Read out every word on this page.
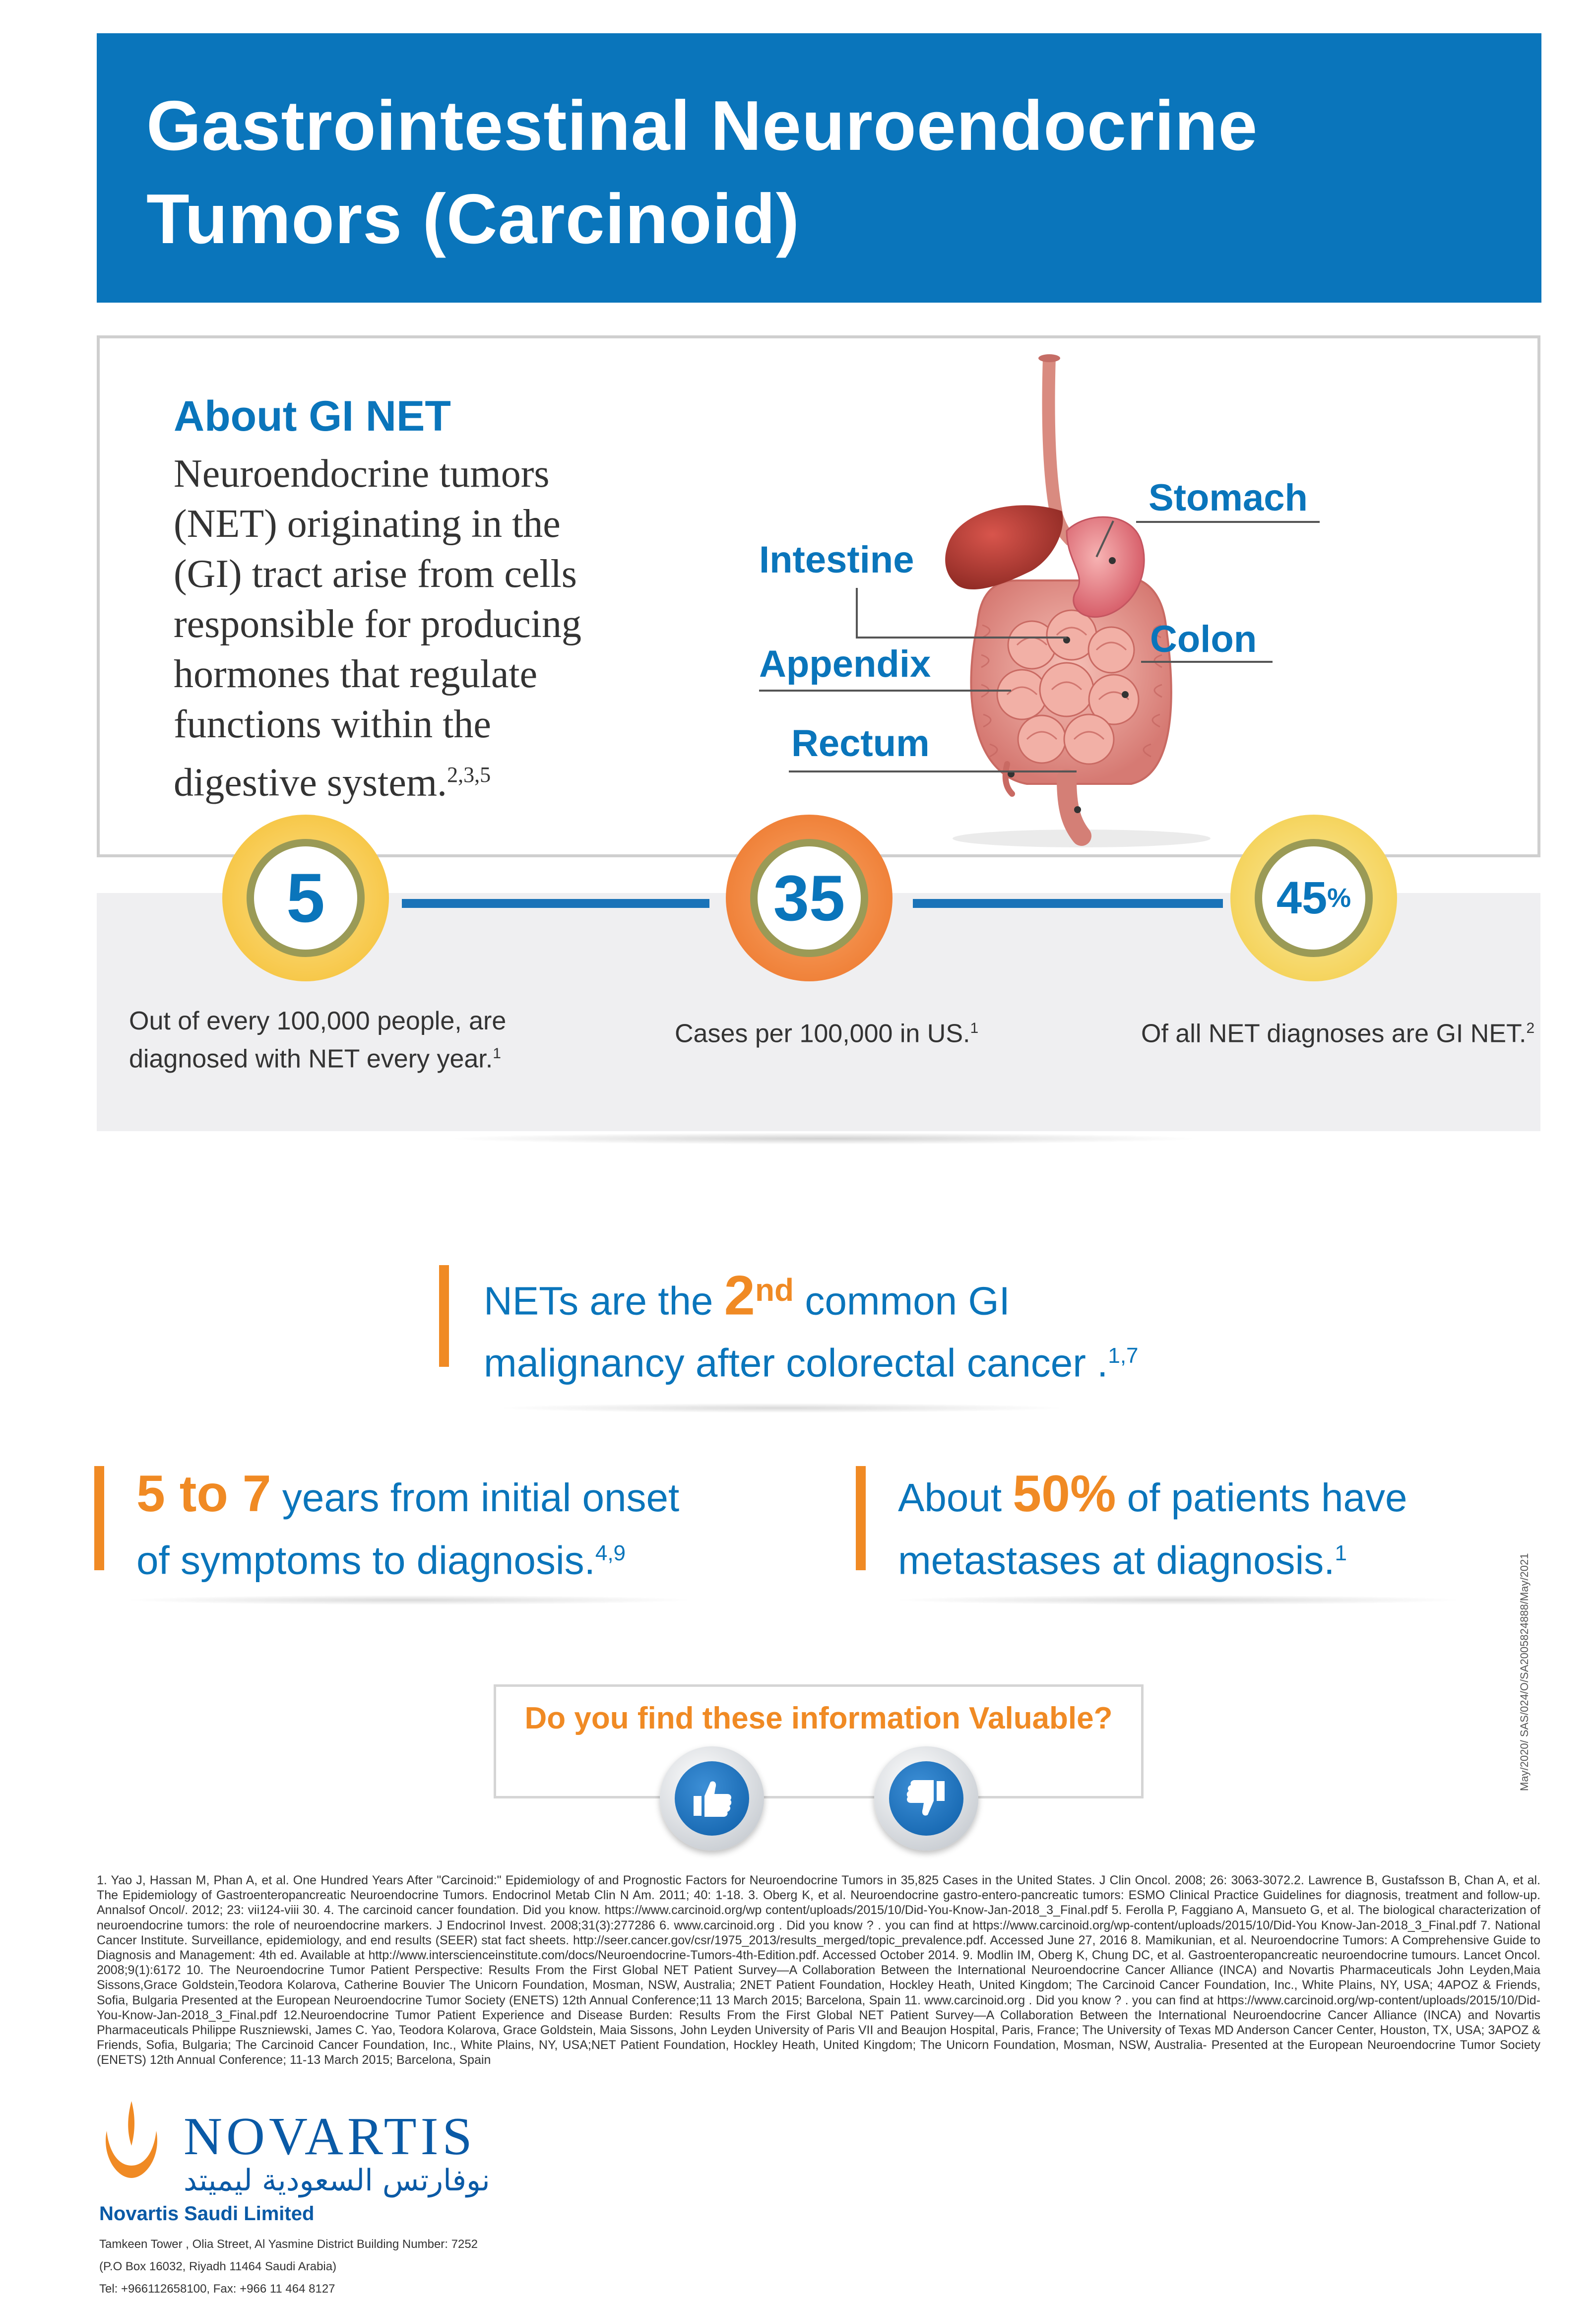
Gastrointestinal Neuroendocrine
Tumors (Carcinoid)
About GI NET
Neuroendocrine tumors
(NET) originating in the
(GI) tract arise from cells
responsible for producing
hormones that regulate
functions within the
digestive system.$^{2,3,5}$
Stomach
Intestine
Colon
Appendix
Rectum
5
Out of every 100,000 people, are
diagnosed with NET every year.$^1$
35
Cases per 100,000 in US.$^1$
45 %
Of all NET diagnoses are GI NET.$^2$
NETs are the 2nd common GI
malignancy after colorectal cancer .$^{1,7}$
5 to 7 years from initial onset
of symptoms to diagnosis.$^{4,9}$
About 50% of patients have
metastases at diagnosis.$^1$
May/2020/ SAS/024/O/SA2005824888/May/2021
Do you find these information Valuable?
1. Yao J, Hassan M, Phan A, et al. One Hundred Years After "Carcinoid:" Epidemiology of and Prognostic Factors for Neuroendocrine Tumors in 35,825 Cases in the United States. J Clin Oncol. 2008; 26: 3063-3072.2. Lawrence B, Gustafsson B, Chan A, et al. The Epidemiology of Gastroenteropancreatic Neuroendocrine Tumors. Endocrinol Metab Clin N Am. 2011; 40: 1-18. 3. Oberg K, et al. Neuroendocrine gastro-entero-pancreatic tumors: ESMO Clinical Practice Guidelines for diagnosis, treatment and follow-up. Annalsof Oncol/. 2012; 23: vii124-viii 30. 4. The carcinoid cancer foundation. Did you know. https://www.carcinoid.org/wp content/uploads/2015/10/Did-You-Know-Jan-2018_3_Final.pdf 5. Ferolla P, Faggiano A, Mansueto G, et al. The biological characterization of neuroendocrine tumors: the role of neuroendocrine markers. J Endocrinol Invest. 2008;31(3):277286 6. www.carcinoid.org . Did you know ? . you can find at https://www.carcinoid.org/wp-content/uploads/2015/10/Did-You Know-Jan-2018_3_Final.pdf 7. National Cancer Institute. Surveillance, epidemiology, and end results (SEER) stat fact sheets. http://seer.cancer.gov/csr/1975_2013/results_merged/topic_prevalence.pdf. Accessed June 27, 2016 8. Mamikunian, et al. Neuroendocrine Tumors: A Comprehensive Guide to Diagnosis and Management: 4th ed. Available at http://www.interscienceinstitute.com/docs/Neuroendocrine-Tumors-4th-Edition.pdf. Accessed October 2014. 9. Modlin IM, Oberg K, Chung DC, et al. Gastroenteropancreatic neuroendocrine tumours. Lancet Oncol. 2008;9(1):6172 10. The Neuroendocrine Tumor Patient Perspective: Results From the First Global NET Patient Survey—A Collaboration Between the International Neuroendocrine Cancer Alliance (INCA) and Novartis Pharmaceuticals John Leyden,Maia Sissons,Grace Goldstein,Teodora Kolarova, Catherine Bouvier The Unicorn Foundation, Mosman, NSW, Australia; 2NET Patient Foundation, Hockley Heath, United Kingdom; The Carcinoid Cancer Foundation, Inc., White Plains, NY, USA; 4APOZ & Friends, Sofia, Bulgaria Presented at the European Neuroendocrine Tumor Society (ENETS) 12th Annual Conference;11 13 March 2015; Barcelona, Spain 11. www.carcinoid.org . Did you know ? . you can find at https://www.carcinoid.org/wp-content/uploads/2015/10/Did-You-Know-Jan-2018_3_Final.pdf 12.Neuroendocrine Tumor Patient Experience and Disease Burden: Results From the First Global NET Patient Survey—A Collaboration Between the International Neuroendocrine Cancer Alliance (INCA) and Novartis Pharmaceuticals Philippe Ruszniewski, James C. Yao, Teodora Kolarova, Grace Goldstein, Maia Sissons, John Leyden University of Paris VII and Beaujon Hospital, Paris, France; The University of Texas MD Anderson Cancer Center, Houston, TX, USA; 3APOZ & Friends, Sofia, Bulgaria; The Carcinoid Cancer Foundation, Inc., White Plains, NY, USA;NET Patient Foundation, Hockley Heath, United Kingdom; The Unicorn Foundation, Mosman, NSW, Australia- Presented at the European Neuroendocrine Tumor Society (ENETS) 12th Annual Conference; 11-13 March 2015; Barcelona, Spain
NOVARTIS
نوفارتس السعودية ليميتد
Novartis Saudi Limited
Tamkeen Tower , Olia Street, Al Yasmine District Building Number: 7252
(P.O Box 16032, Riyadh 11464 Saudi Arabia)
Tel: +966112658100, Fax: +966 11 464 8127
